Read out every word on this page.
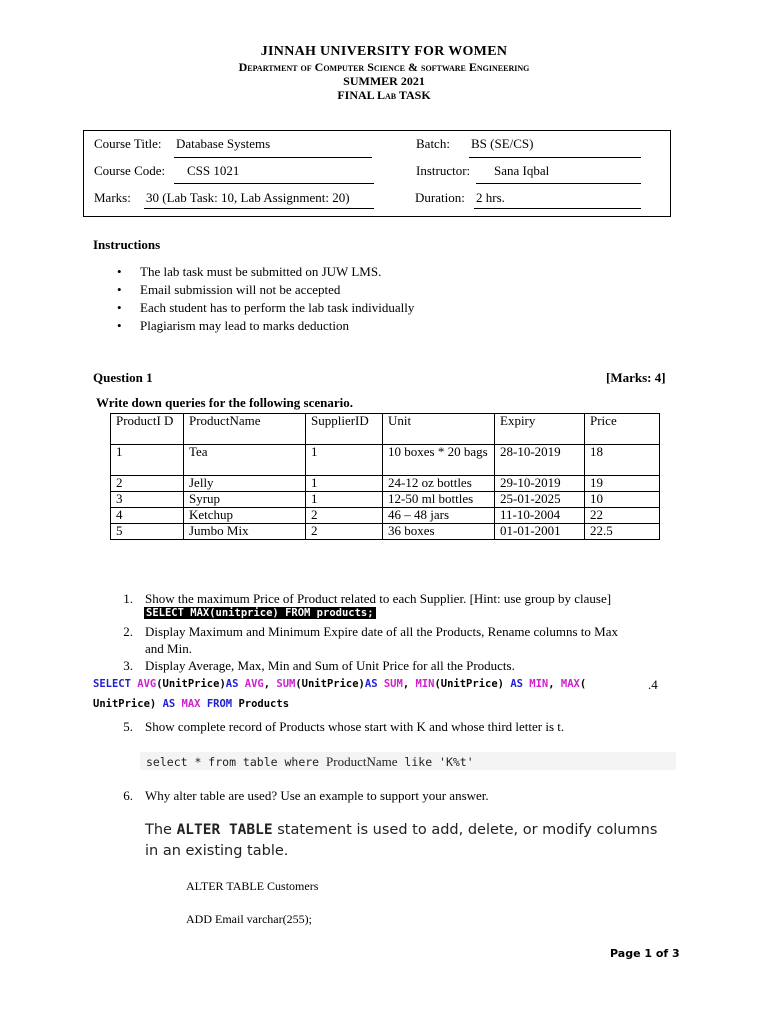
JINNAH UNIVERSITY FOR WOMEN
Department of Computer Science & software Engineering
SUMMER 2021
FINAL Lab TASK
Course Title: Database Systems	Batch: BS (SE/CS)
Course Code: CSS 1021	Instructor: Sana Iqbal
Marks: 30 (Lab Task: 10, Lab Assignment: 20)	Duration: 2 hrs.
Instructions
• The lab task must be submitted on JUW LMS.
• Email submission will not be accepted
• Each student has to perform the lab task individually
• Plagiarism may lead to marks deduction
Question 1	[Marks: 4]
Write down queries for the following scenario.
ProductI D	ProductName	SupplierID	Unit	Expiry	Price
1	Tea	1	10 boxes * 20 bags	28-10-2019	18
2	Jelly	1	24-12 oz bottles	29-10-2019	19
3	Syrup	1	12-50 ml bottles	25-01-2025	10
4	Ketchup	2	46 – 48 jars	11-10-2004	22
5	Jumbo Mix	2	36 boxes	01-01-2001	22.5
1. Show the maximum Price of Product related to each Supplier. [Hint: use group by clause]
SELECT MAX(unitprice) FROM products;
2. Display Maximum and Minimum Expire date of all the Products, Rename columns to Max
and Min.
3. Display Average, Max, Min and Sum of Unit Price for all the Products.
SELECT AVG(UnitPrice)AS AVG, SUM(UnitPrice)AS SUM, MIN(UnitPrice) AS MIN, MAX(	.4
UnitPrice) AS MAX FROM Products
5. Show complete record of Products whose start with K and whose third letter is t.
select * from table where ProductName like 'K%t'
6. Why alter table are used? Use an example to support your answer.
The ALTER TABLE statement is used to add, delete, or modify columns
in an existing table.
ALTER TABLE Customers
ADD Email varchar(255);
Page 1 of 3
